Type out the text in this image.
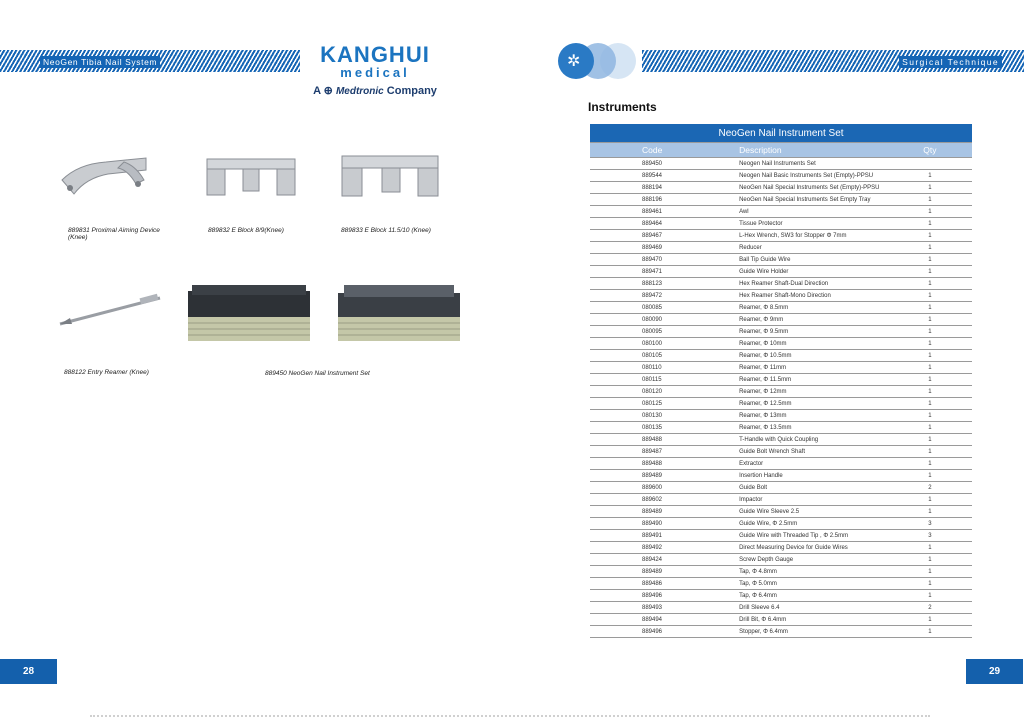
NeoGen Tibia Nail System	Surgical Technique
KANGHUI
medical
A ⊕ Medtronic Company
✲
889831 Proximal Aiming Device (Knee)
889832 E Block 8/9(Knee)	889833 E Block 11.5/10 (Knee)
888122 Entry Reamer (Knee)	889450 NeoGen Nail Instrument Set
Instruments
NeoGen Nail Instrument Set		
Code	Description	Qty
889450	Neogen Nail Instruments Set	
889544	Neogen Nail Basic Instruments Set (Empty)-PPSU	1
888194	NeoGen Nail Special Instruments Set (Empty)-PPSU	1
888196	NeoGen Nail Special Instruments Set Empty Tray	1
889461	Awl	1
889464	Tissue Protector	1
889467	L-Hex Wrench, SW3 for Stopper Φ 7mm	1
889469	Reducer	1
889470	Ball Tip Guide Wire	1
889471	Guide Wire Holder	1
888123	Hex Reamer Shaft-Dual Direction	1
889472	Hex Reamer Shaft-Mono Direction	1
080085	Reamer, Φ 8.5mm	1
080090	Reamer, Φ 9mm	1
080095	Reamer, Φ 9.5mm	1
080100	Reamer, Φ 10mm	1
080105	Reamer, Φ 10.5mm	1
080110	Reamer, Φ 11mm	1
080115	Reamer, Φ 11.5mm	1
080120	Reamer, Φ 12mm	1
080125	Reamer, Φ 12.5mm	1
080130	Reamer, Φ 13mm	1
080135	Reamer, Φ 13.5mm	1
889488	T-Handle with Quick Coupling	1
889487	Guide Bolt Wrench Shaft	1
889488	Extractor	1
889489	Insertion Handle	1
889600	Guide Bolt	2
889602	Impactor	1
889489	Guide Wire Sleeve 2.5	1
889490	Guide Wire, Φ 2.5mm	3
889491	Guide Wire with Threaded Tip , Φ 2.5mm	3
889492	Direct Measuring Device for Guide Wires	1
889424	Screw Depth Gauge	1
889489	Tap, Φ 4.8mm	1
889486	Tap, Φ 5.0mm	1
889496	Tap, Φ 6.4mm	1
889493	Drill Sleeve 6.4	2
889494	Drill Bit, Φ 6.4mm	1
889496	Stopper, Φ 6.4mm	1
28	29
